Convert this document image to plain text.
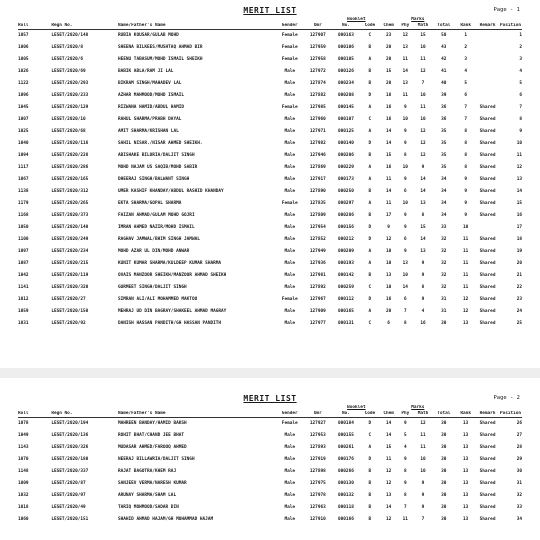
MERIT LIST	Page - 1
					Booklet		Marks						
Roll	Regn No.	Name/Father's Name	Gender	Omr	No.	Code	Chem	Phy	Math	Total	Rank	Remark	Position
1057	LESET/2020/148	RUBIA KOUSAR/GULAB MOHD	Female	127907	000163	C	23	12	15	50	1		1
1006	LESET/2020/8	SHEENA BILKEES/MUSHTAQ AHMAD BIR	Female	127959	000106	B	20	13	10	43	2		2
1005	LESET/2020/6	HEENU TABASUM/MOHD ISMAIL SHEIKH	Female	127958	000105	A	20	11	11	42	3		3
1026	LESET/2020/69	BABIK ABLA/RAM JI LAL	Male	127972	000126	B	15	14	12	41	4		4
1122	LESET/2020/293	BIKRAM SINGH/MAHADEV LAL	Male	127874	000234	B	20	13	7	40	5		5
1096	LESET/2020/233	AZHAR MAHMOOD/MOHD ISMAIL	Male	127882	000208	D	18	11	10	39	6		6
1045	LESET/2020/129	RIZWANA HAMID/ABDUL HAMID	Female	127985	000145	A	16	9	11	36	7	Shared	7
1007	LESET/2020/10	RAHUL SHARMA/PRABH DAYAL	Male	127960	000107	C	16	10	10	36	7	Shared	8
1025	LESET/2020/68	AMIT SHARMA/KRISHAN LAL	Male	127971	000125	A	14	9	12	35	8	Shared	9
1040	LESET/2020/116	SAHIL NISAR./NISAR AHMED SHEIKH.	Male	127982	000140	D	14	9	12	35	8	Shared	10
1094	LESET/2020/228	ABISHAKE BILORIA/DALJIT SINGH	Male	127946	000206	B	15	8	12	35	8	Shared	11
1117	LESET/2020/286	MOHD NAJAM US SAQIB/MOHD SABIR	Male	127869	000229	A	16	10	9	35	8	Shared	12
1067	LESET/2020/165	DHEERAJ SINGH/BALWANT SINGH	Male	127917	000173	A	11	9	14	34	9	Shared	13
1138	LESET/2020/312	UMER KASHIF KHANDAY/ABDUL RASHID KHANDAY	Male	127890	000250	B	14	6	14	34	9	Shared	14
1179	LESET/2020/265	EKTA SHARMA/GOPAL SHARMA	Female	127835	000297	A	11	10	13	34	9	Shared	15
1168	LESET/2020/373	FAIZAN AHMAD/GULAM MOHD GOJRI	Male	127809	000286	B	17	9	8	34	9	Shared	16
1050	LESET/2020/140	IMRAN AHMED NAZIR/MOHD ISMAIL	Male	127954	000156	D	9	9	15	33	10		17
1100	LESET/2020/249	RAGHAV JAMWAL/BHIM SINGH JAMWAL	Male	127852	000212	D	12	6	14	32	11	Shared	18
1097	LESET/2020/234	MOHD AZAR UL DIN/MOHD ANWAR	Male	127949	000209	A	10	9	13	32	11	Shared	19
1087	LESET/2020/215	KUNIT KUMAR SHARMA/KULDEEP KUMAR SHARMA	Male	127936	000193	A	10	13	9	32	11	Shared	20
1042	LESET/2020/119	OVAIS MANZOOR SHEIKH/MANZOOR AHMAD SHEIKH	Male	127981	000142	B	13	10	9	32	11	Shared	21
1141	LESET/2020/320	GURMEET SINGH/DALJIT SINGH	Male	127892	000259	C	10	14	8	32	11	Shared	22
1012	LESET/2020/27	SIMRAN ALI/ALI MOHAMMED MAKTOO	Female	127967	000112	D	16	6	9	31	12	Shared	23
1059	LESET/2020/150	MEHRAJ UD DIN BAGRAY/SHAKEEL AHMAD MAGRAY	Male	127909	000165	A	20	7	4	31	12	Shared	24
1031	LESET/2020/92	DANISH HASSAN PANDITH/GH HASSAN PANDITH	Male	127977	000131	C	6	8	16	30	13	Shared	25
MERIT LIST	Page - 2
					Booklet		Marks						
Roll	Regn No.	Name/Father's Name	Gender	Omr	No.	Code	Chem	Phy	Math	Total	Rank	Remark	Position
1078	LESET/2020/194	MAHREEN BANDAY/HAMID BAKSH	Female	127927	000184	D	14	9	12	30	13	Shared	26
1049	LESET/2020/136	ROHIT BHAT/CHAND JEE BHAT	Male	127953	000155	C	14	5	11	30	13	Shared	27
1143	LESET/2020/326	MUDASAR AHMED/FAROOQ AHMED	Male	127893	000261	A	15	4	11	30	13	Shared	28
1070	LESET/2020/180	NEERAJ BILLAWRIA/DALJIT SINGH	Male	127919	000176	D	11	9	10	30	13	Shared	29
1148	LESET/2020/337	RAJAT BAGOTRA/KHEM RAJ	Male	127898	000266	B	12	8	10	30	13	Shared	30
1009	LESET/2020/87	SANJEEV VERMA/NARESH KUMAR	Male	127975	000130	B	12	9	9	30	13	Shared	31
1032	LESET/2020/97	ARUNAY SHARMA/SHAM LAL	Male	127978	000132	B	13	8	9	30	13	Shared	32
1018	LESET/2020/49	TARIQ MOHMOOD/SADAR DIN	Male	127963	000118	B	14	7	9	30	13	Shared	33
1060	LESET/2020/151	SHAHID AHMAD HAJAM/GH MOHAMMAD HAJAM	Male	127910	000166	B	12	11	7	30	13	Shared	34
